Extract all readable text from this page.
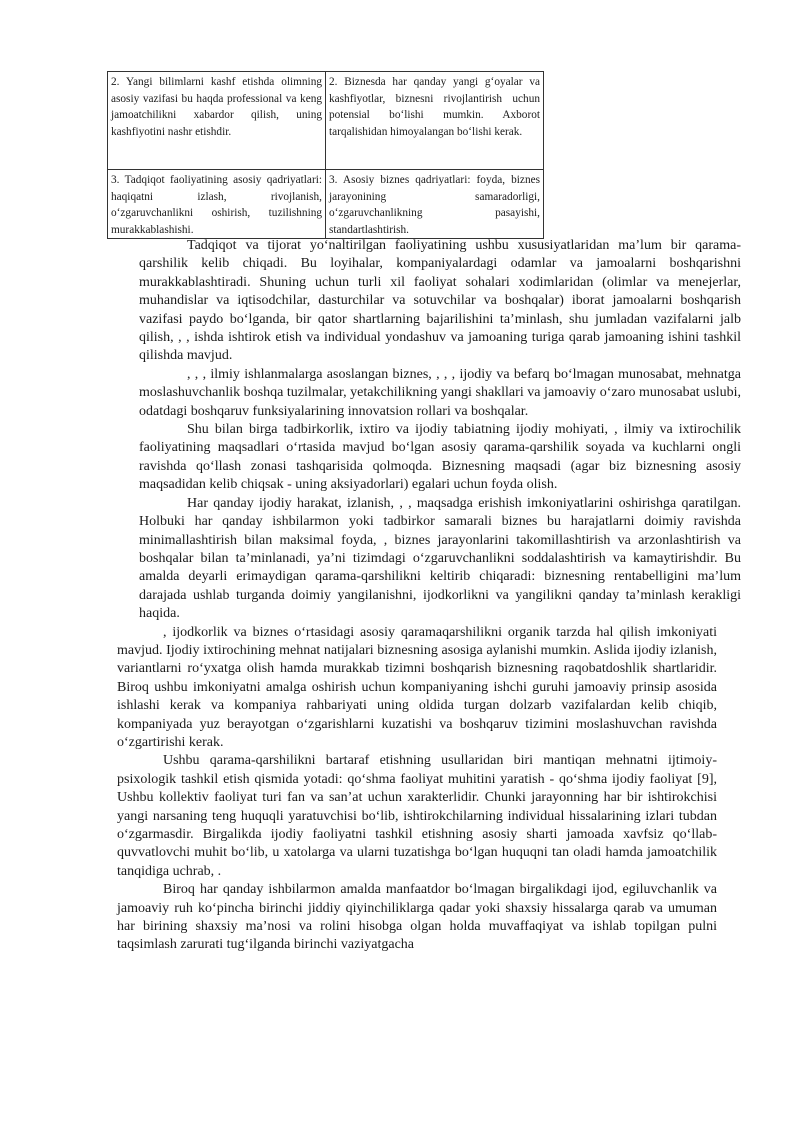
2. Yangi bilimlarni kashf etishda olimning asosiy vazifasi bu haqda professional va keng jamoatchilikni xabardor qilish, uning kashfiyotini nashr etishdir.	2. Biznesda har qanday yangi g‘oyalar va kashfiyotlar, biznesni rivojlantirish uchun potensial bo‘lishi mumkin. Axborot tarqalishidan himoyalangan bo‘lishi kerak.
3. Tadqiqot faoliyatining asosiy qadriyatlari: haqiqatni izlash, rivojlanish, o‘zgaruvchanlikni oshirish, tuzilishning murakkablashishi.	3. Asosiy biznes qadriyatlari: foyda, biznes jarayonining samaradorligi, o‘zgaruvchanlikning pasayishi, standartlashtirish.

Tadqiqot va tijorat yo‘naltirilgan faoliyatining ushbu xususiyatlaridan ma’lum bir qarama-qarshilik kelib chiqadi. Bu loyihalar, kompaniyalardagi odamlar va jamoalarni boshqarishni murakkablashtiradi. Shuning uchun turli xil faoliyat sohalari xodimlaridan (olimlar va menejerlar, muhandislar va iqtisodchilar, dasturchilar va sotuvchilar va boshqalar) iborat jamoalarni boshqarish vazifasi paydo bo‘lganda, bir qator shartlarning bajarilishini ta’minlash, shu jumladan vazifalarni jalb qilish, , , ishda ishtirok etish va individual yondashuv va jamoaning turiga qarab jamoaning ishini tashkil qilishda mavjud.

, , , ilmiy ishlanmalarga asoslangan biznes, , , , ijodiy va befarq bo‘lmagan munosabat, mehnatga moslashuvchanlik boshqa tuzilmalar, yetakchilikning yangi shakllari va jamoaviy o‘zaro munosabat uslubi, odatdagi boshqaruv funksiyalarining innovatsion rollari va boshqalar.

Shu bilan birga tadbirkorlik, ixtiro va ijodiy tabiatning ijodiy mohiyati, , ilmiy va ixtirochilik faoliyatining maqsadlari o‘rtasida mavjud bo‘lgan asosiy qarama-qarshilik soyada va kuchlarni ongli ravishda qo‘llash zonasi tashqarisida qolmoqda. Biznesning maqsadi (agar biz biznesning asosiy maqsadidan kelib chiqsak - uning aksiyadorlari) egalari uchun foyda olish.

Har qanday ijodiy harakat, izlanish, , , maqsadga erishish imkoniyatlarini oshirishga qaratilgan. Holbuki har qanday ishbilarmon yoki tadbirkor samarali biznes bu harajatlarni doimiy ravishda minimallashtirish bilan maksimal foyda, , biznes jarayonlarini takomillashtirish va arzonlashtirish va boshqalar bilan ta’minlanadi, ya’ni tizimdagi o‘zgaruvchanlikni soddalashtirish va kamaytirishdir. Bu amalda deyarli erimaydigan qarama-qarshilikni keltirib chiqaradi: biznesning rentabelligini ma’lum darajada ushlab turganda doimiy yangilanishni, ijodkorlikni va yangilikni qanday ta’minlash kerakligi haqida.

, ijodkorlik va biznes o‘rtasidagi asosiy qaramaqarshilikni organik tarzda hal qilish imkoniyati mavjud. Ijodiy ixtirochining mehnat natijalari biznesning asosiga aylanishi mumkin. Aslida ijodiy izlanish, variantlarni ro‘yxatga olish hamda murakkab tizimni boshqarish biznesning raqobatdoshlik shartlaridir. Biroq ushbu imkoniyatni amalga oshirish uchun kompaniyaning ishchi guruhi jamoaviy prinsip asosida ishlashi kerak va kompaniya rahbariyati uning oldida turgan dolzarb vazifalardan kelib chiqib, kompaniyada yuz berayotgan o‘zgarishlarni kuzatishi va boshqaruv tizimini moslashuvchan ravishda o‘zgartirishi kerak.

Ushbu qarama-qarshilikni bartaraf etishning usullaridan biri mantiqan mehnatni ijtimoiy-psixologik tashkil etish qismida yotadi: qo‘shma faoliyat muhitini yaratish - qo‘shma ijodiy faoliyat [9], Ushbu kollektiv faoliyat turi fan va san’at uchun xarakterlidir. Chunki jarayonning har bir ishtirokchisi yangi narsaning teng huquqli yaratuvchisi bo‘lib, ishtirokchilarning individual hissalarining izlari tubdan o‘zgarmasdir. Birgalikda ijodiy faoliyatni tashkil etishning asosiy sharti jamoada xavfsiz qo‘llab-quvvatlovchi muhit bo‘lib, u xatolarga va ularni tuzatishga bo‘lgan huquqni tan oladi hamda jamoatchilik tanqidiga uchrab, .

Biroq har qanday ishbilarmon amalda manfaatdor bo‘lmagan birgalikdagi ijod, egiluvchanlik va jamoaviy ruh ko‘pincha birinchi jiddiy qiyinchiliklarga qadar yoki shaxsiy hissalarga qarab va umuman har birining shaxsiy ma’nosi va rolini hisobga olgan holda muvaffaqiyat va ishlab topilgan pulni taqsimlash zarurati tug‘ilganda birinchi vaziyatgacha
